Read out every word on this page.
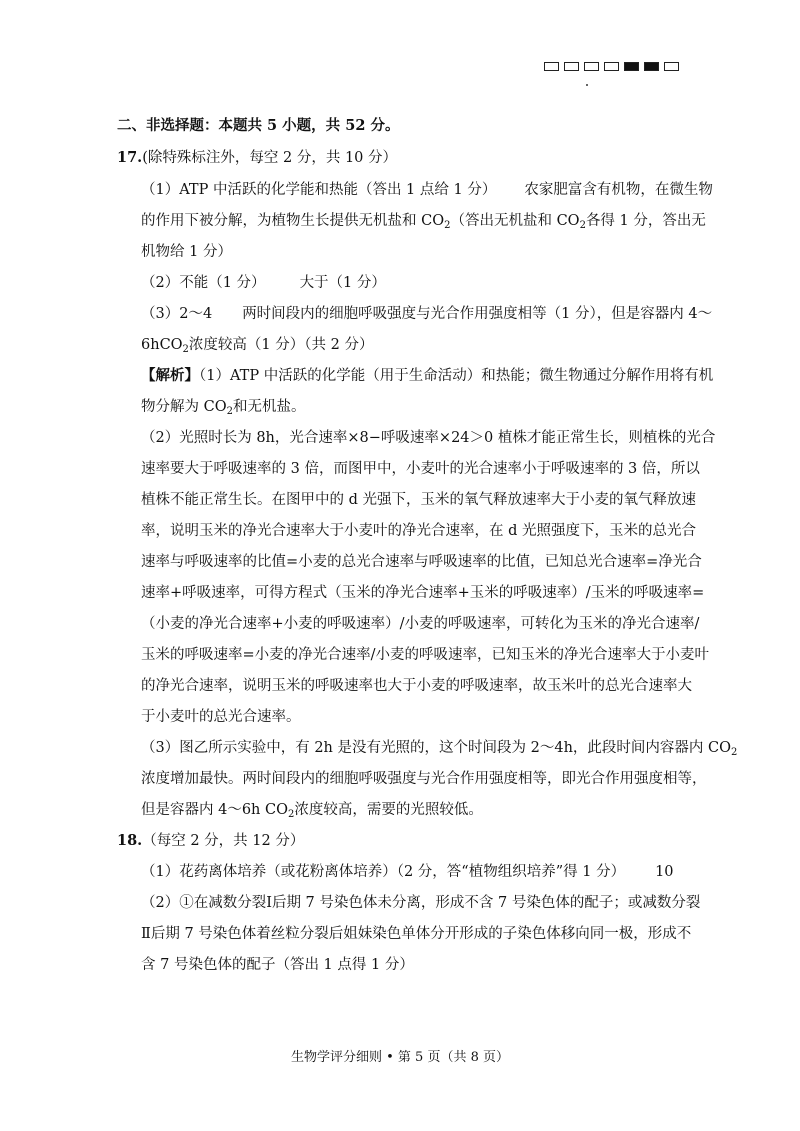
二、非选择题：本题共 5 小题，共 52 分。
17.(除特殊标注外，每空 2 分，共 10 分）
（1）ATP 中活跃的化学能和热能（答出 1 点给 1 分） 农家肥富含有机物，在微生物
的作用下被分解，为植物生长提供无机盐和 $CO_2$（答出无机盐和 $CO_2$各得 1 分，答出无
机物给 1 分）
（2）不能（1 分） 大于（1 分）
（3）2～4 两时间段内的细胞呼吸强度与光合作用强度相等（1 分），但是容器内 4～
6hCO$_2$浓度较高（1 分）（共 2 分）
【解析】（1）ATP 中活跃的化学能（用于生命活动）和热能；微生物通过分解作用将有机
物分解为 $CO_2$和无机盐。
（2）光照时长为 8h，光合速率×8−呼吸速率×24＞0 植株才能正常生长，则植株的光合
速率要大于呼吸速率的 3 倍，而图甲中，小麦叶的光合速率小于呼吸速率的 3 倍，所以
植株不能正常生长。在图甲中的 d 光强下，玉米的氧气释放速率大于小麦的氧气释放速
率，说明玉米的净光合速率大于小麦叶的净光合速率，在 d 光照强度下，玉米的总光合
速率与呼吸速率的比值=小麦的总光合速率与呼吸速率的比值，已知总光合速率=净光合
速率+呼吸速率，可得方程式（玉米的净光合速率+玉米的呼吸速率）/玉米的呼吸速率=
（小麦的净光合速率+小麦的呼吸速率）/小麦的呼吸速率，可转化为玉米的净光合速率/
玉米的呼吸速率=小麦的净光合速率/小麦的呼吸速率，已知玉米的净光合速率大于小麦叶
的净光合速率，说明玉米的呼吸速率也大于小麦的呼吸速率，故玉米叶的总光合速率大
于小麦叶的总光合速率。
（3）图乙所示实验中，有 2h 是没有光照的，这个时间段为 2～4h，此段时间内容器内 $CO_2$
浓度增加最快。两时间段内的细胞呼吸强度与光合作用强度相等，即光合作用强度相等，
但是容器内 4～6h $CO_2$浓度较高，需要的光照较低。
18.（每空 2 分，共 12 分）
（1）花药离体培养（或花粉离体培养）（2 分，答“植物组织培养”得 1 分） 10
（2）①在减数分裂Ⅰ后期 7 号染色体未分离，形成不含 7 号染色体的配子；或减数分裂
Ⅱ后期 7 号染色体着丝粒分裂后姐妹染色单体分开形成的子染色体移向同一极，形成不
含 7 号染色体的配子（答出 1 点得 1 分）
生物学评分细则 • 第 5 页（共 8 页）
